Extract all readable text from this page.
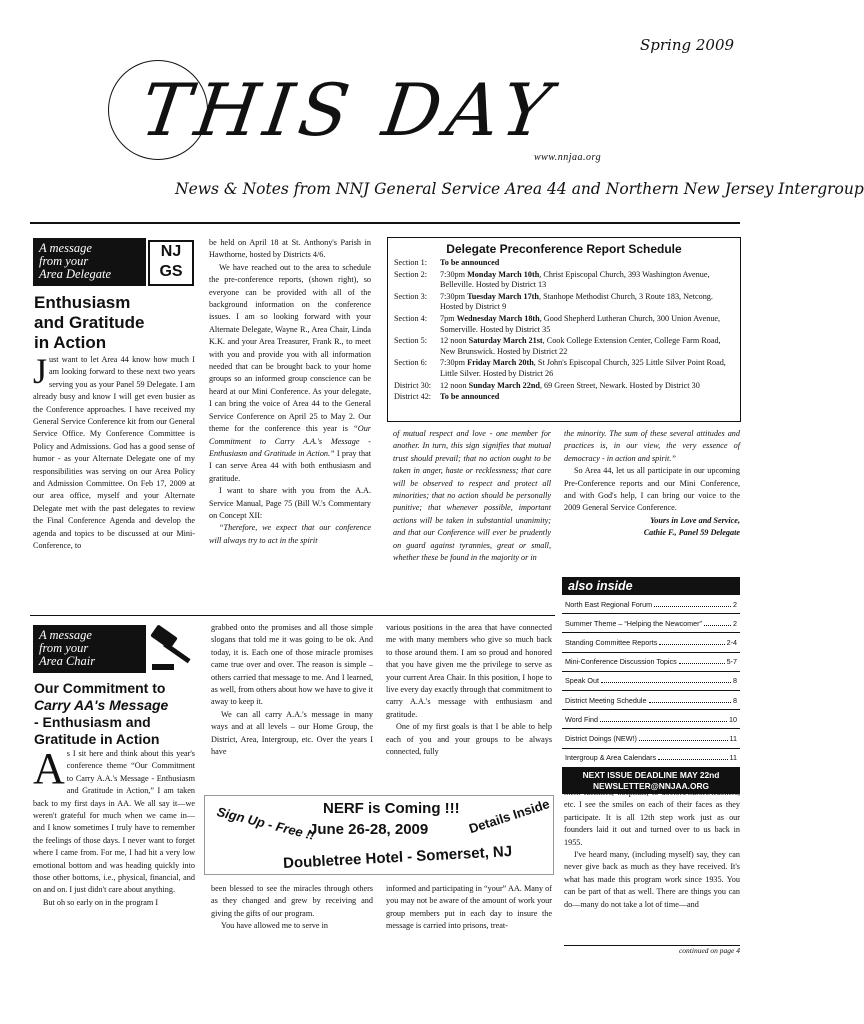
Spring 2009
THIS DAY
www.nnjaa.org
News & Notes from NNJ General Service Area 44 and Northern New Jersey Intergroup
A message
from your
Area Delegate
NJ
GS
Enthusiasm
and Gratitude
in Action

Just want to let Area 44 know how much I am looking forward to these next two years serving you as your Panel 59 Delegate. I am already busy and know I will get even busier as the Conference approaches. I have received my General Service Conference kit from our General Service Office. My Conference Committee is Policy and Admissions. God has a good sense of humor - as your Alternate Delegate one of my responsibilities was serving on our Area Policy and Admission Committee. On Feb 17, 2009 at our area office, myself and your Alternate Delegate met with the past delegates to review the Final Conference Agenda and develop the agenda and topics to be discussed at our Mini-Conference, to

be held on April 18 at St. Anthony's Parish in Hawthorne, hosted by Districts 4/6.

We have reached out to the area to schedule the pre-conference reports, (shown right), so everyone can be provided with all of the background information on the conference issues. I am so looking forward with your Alternate Delegate, Wayne R., Area Chair, Linda K.K. and your Area Treasurer, Frank R., to meet with you and provide you with all information needed that can be brought back to your home groups so an informed group conscience can be heard at our Mini Conference. As your delegate, I can bring the voice of Area 44 to the General Service Conference on April 25 to May 2. Our theme for the conference this year is “Our Commitment to Carry A.A.'s Message - Enthusiasm and Gratitude in Action.” I pray that I can serve Area 44 with both enthusiasm and gratitude.

I want to share with you from the A.A. Service Manual, Page 75 (Bill W.'s Commentary on Concept XII:

“Therefore, we expect that our conference will always try to act in the spirit

Delegate Preconference Report Schedule
Section 1:	To be announced
Section 2:	7:30pm Monday March 10th, Christ Episcopal Church, 393 Washington Avenue, Belleville. Hosted by District 13
Section 3:	7:30pm Tuesday March 17th, Stanhope Methodist Church, 3 Route 183, Netcong. Hosted by District 9
Section 4:	7pm Wednesday March 18th, Good Shepherd Lutheran Church, 300 Union Avenue, Somerville. Hosted by District 35
Section 5:	12 noon Saturday March 21st, Cook College Extension Center, College Farm Road, New Brunswick. Hosted by District 22
Section 6:	7:30pm Friday March 20th, St John's Episcopal Church, 325 Little Silver Point Road, Little Silver. Hosted by District 26
District 30:	12 noon Sunday March 22nd, 69 Green Street, Newark. Hosted by District 30
District 42:	To be announced

of mutual respect and love - one member for another. In turn, this sign signifies that mutual trust should prevail; that no action ought to be taken in anger, haste or recklessness; that care will be observed to respect and protect all minorities; that no action should be personally punitive; that whenever possible, important actions will be taken in substantial unanimity; and that our Conference will ever be prudently on guard against tyrannies, great or small, whether these be found in the majority or in

the minority. The sum of these several attitudes and practices is, in our view, the very essence of democracy - in action and spirit.”

So Area 44, let us all participate in our upcoming Pre-Conference reports and our Mini Conference, and with God's help, I can bring our voice to the 2009 General Service Conference.

Yours in Love and Service,

Cathie F., Panel 59 Delegate

also inside
North East Regional Forum	2
Summer Theme – “Helping the Newcomer”	2
Standing Committee Reports	2-4
Mini-Conference Discussion Topics	5-7
Speak Out	8
District Meeting Schedule	8
Word Find	10
District Doings (NEW!)	11
Intergroup & Area Calendars	11
NEXT ISSUE DEADLINE MAY 22nd
NEWSLETTER@NNJAA.ORG
A message
from your
Area Chair
Our Commitment to
Carry AA's Message
- Enthusiasm and
Gratitude in Action

As I sit here and think about this year's conference theme “Our Commitment to Carry A.A.'s Message - Enthusiasm and Gratitude in Action,” I am taken back to my first days in AA. We all say it—we weren't grateful for much when we came in—and I know sometimes I truly have to remember the feelings of those days. I never want to forget where I came from. For me, I had hit a very low emotional bottom and was heading quickly into those other bottoms, i.e., physical, financial, and on and on. I just didn't care about anything.

But oh so early on in the program I

grabbed onto the promises and all those simple slogans that told me it was going to be ok. And today, it is. Each one of those miracle promises came true over and over. The reason is simple – others carried that message to me. And I learned, as well, from others about how we have to give it away to keep it.

We can all carry A.A.'s message in many ways and at all levels – our Home Group, the District, Area, Intergroup, etc. Over the years I have

various positions in the area that have connected me with many members who give so much back to those around them. I am so proud and honored that you have given me the privilege to serve as your current Area Chair. In this position, I hope to live every day exactly through that commitment to carry A.A.'s message with enthusiasm and gratitude.

One of my first goals is that I be able to help each of you and your groups to be always connected, fully

Sign Up - Free !! NERF is Coming !!!
June 26-28, 2009	Details Inside
Doubletree Hotel - Somerset, NJ

been blessed to see the miracles through others as they changed and grew by receiving and giving the gifts of our program.

You have allowed me to serve in

informed and participating in “your” AA. Many of you may not be aware of the amount of work your group members put in each day to insure the message is carried into prisons, treat-

ment facilities, hospitals, to doctors/nurses/teachers, etc. I see the smiles on each of their faces as they participate. It is all 12th step work just as our founders laid it out and turned over to us back in 1955.

I've heard many, (including myself) say, they can never give back as much as they have received. It's what has made this program work since 1935. You can be part of that as well. There are things you can do—many do not take a lot of time—and

continued on page 4
